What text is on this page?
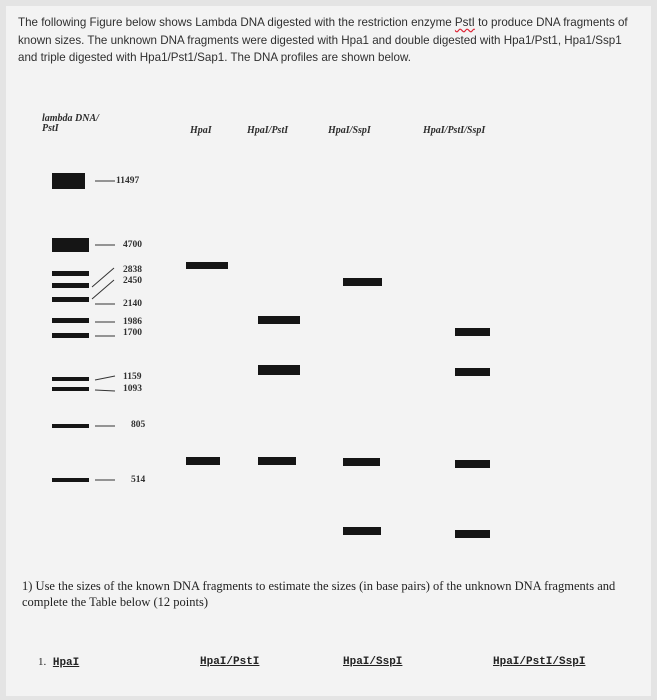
The following Figure below shows Lambda DNA digested with the restriction enzyme PstI to produce DNA fragments of known sizes. The unknown DNA fragments were digested with Hpa1 and double digested with Hpa1/Pst1, Hpa1/Ssp1 and triple digested with Hpa1/Pst1/Sap1. The DNA profiles are shown below.
lambda DNA/
PstI	HpaI	HpaI/PstI	HpaI/SspI	HpaI/PstI/SspI
11497
4700
2838
2450
2140
1986
1700
1159
1093
805
514
1) Use the sizes of the known DNA fragments to estimate the sizes (in base pairs) of the unknown DNA fragments and complete the Table below (12 points)
1. HpaI	HpaI/PstI	HpaI/SspI	HpaI/PstI/SspI
